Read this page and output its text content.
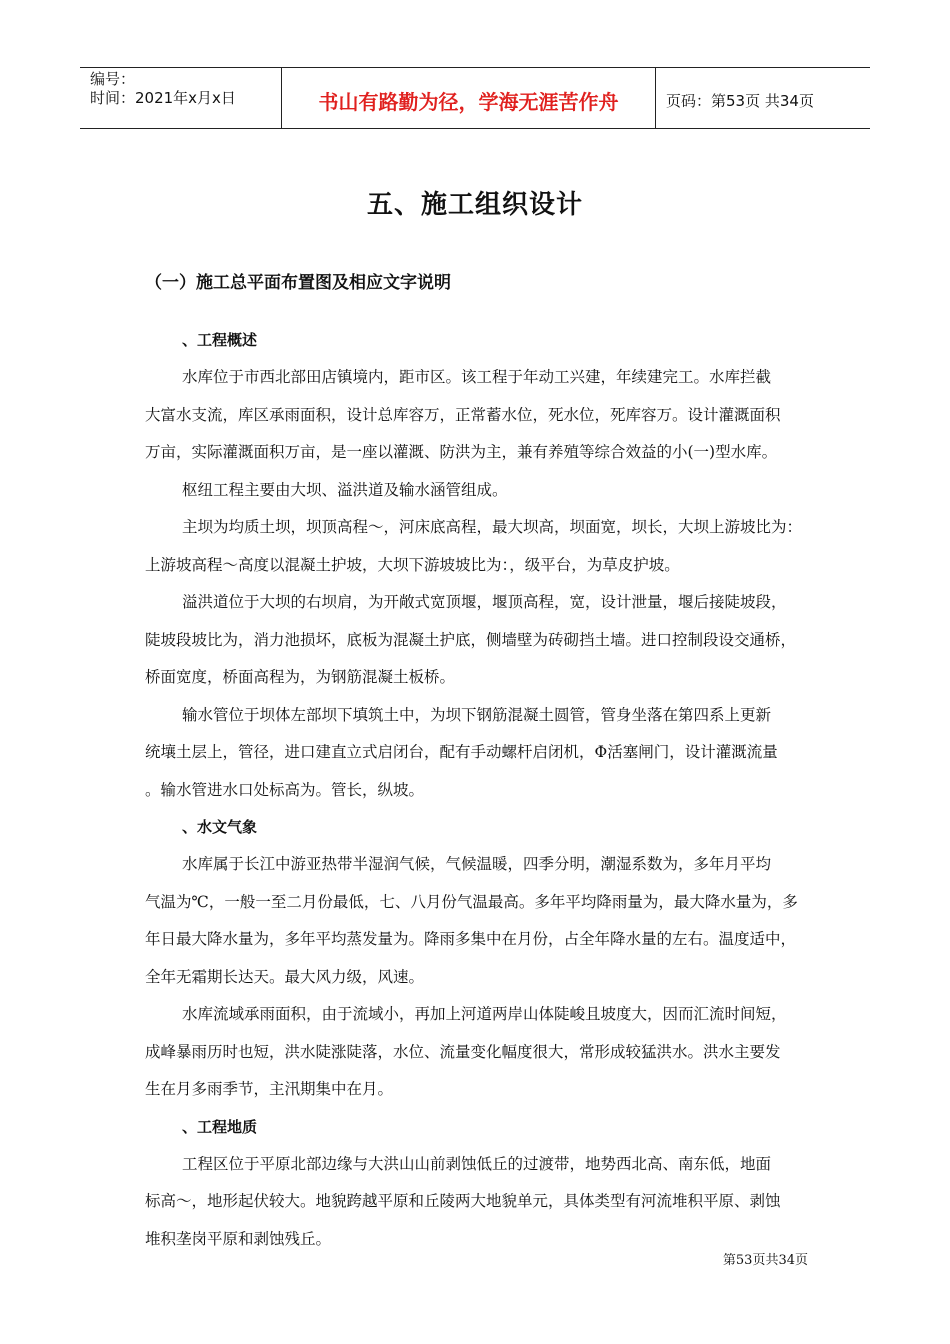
编号：
时间：2021年x月x日	书山有路勤为径，学海无涯苦作舟	页码：第53页 共34页
五、施工组织设计
（一）施工总平面布置图及相应文字说明
、工程概述

水库位于市西北部田店镇境内，距市区。该工程于年动工兴建，年续建完工。水库拦截

大富水支流，库区承雨面积，设计总库容万，正常蓄水位，死水位，死库容万。设计灌溉面积

万亩，实际灌溉面积万亩，是一座以灌溉、防洪为主，兼有养殖等综合效益的小(一)型水库。

枢纽工程主要由大坝、溢洪道及输水涵管组成。

主坝为均质土坝，坝顶高程～，河床底高程，最大坝高，坝面宽，坝长，大坝上游坡比为：

上游坡高程～高度以混凝土护坡，大坝下游坡坡比为：，级平台，为草皮护坡。

溢洪道位于大坝的右坝肩，为开敞式宽顶堰，堰顶高程，宽，设计泄量，堰后接陡坡段，

陡坡段坡比为，消力池损坏，底板为混凝土护底，侧墙壁为砖砌挡土墙。进口控制段设交通桥，

桥面宽度，桥面高程为，为钢筋混凝土板桥。

输水管位于坝体左部坝下填筑土中，为坝下钢筋混凝土圆管，管身坐落在第四系上更新

统壤土层上，管径，进口建直立式启闭台，配有手动螺杆启闭机，Φ活塞闸门，设计灌溉流量

。输水管进水口处标高为。管长，纵坡。

、水文气象

水库属于长江中游亚热带半湿润气候，气候温暖，四季分明，潮湿系数为，多年月平均

气温为℃，一般一至二月份最低，七、八月份气温最高。多年平均降雨量为，最大降水量为，多

年日最大降水量为，多年平均蒸发量为。降雨多集中在月份，占全年降水量的左右。温度适中，

全年无霜期长达天。最大风力级，风速。

水库流域承雨面积，由于流域小，再加上河道两岸山体陡峻且坡度大，因而汇流时间短，

成峰暴雨历时也短，洪水陡涨陡落，水位、流量变化幅度很大，常形成较猛洪水。洪水主要发

生在月多雨季节，主汛期集中在月。

、工程地质

工程区位于平原北部边缘与大洪山山前剥蚀低丘的过渡带，地势西北高、南东低，地面

标高～，地形起伏较大。地貌跨越平原和丘陵两大地貌单元，具体类型有河流堆积平原、剥蚀

堆积垄岗平原和剥蚀残丘。

第53页共34页
